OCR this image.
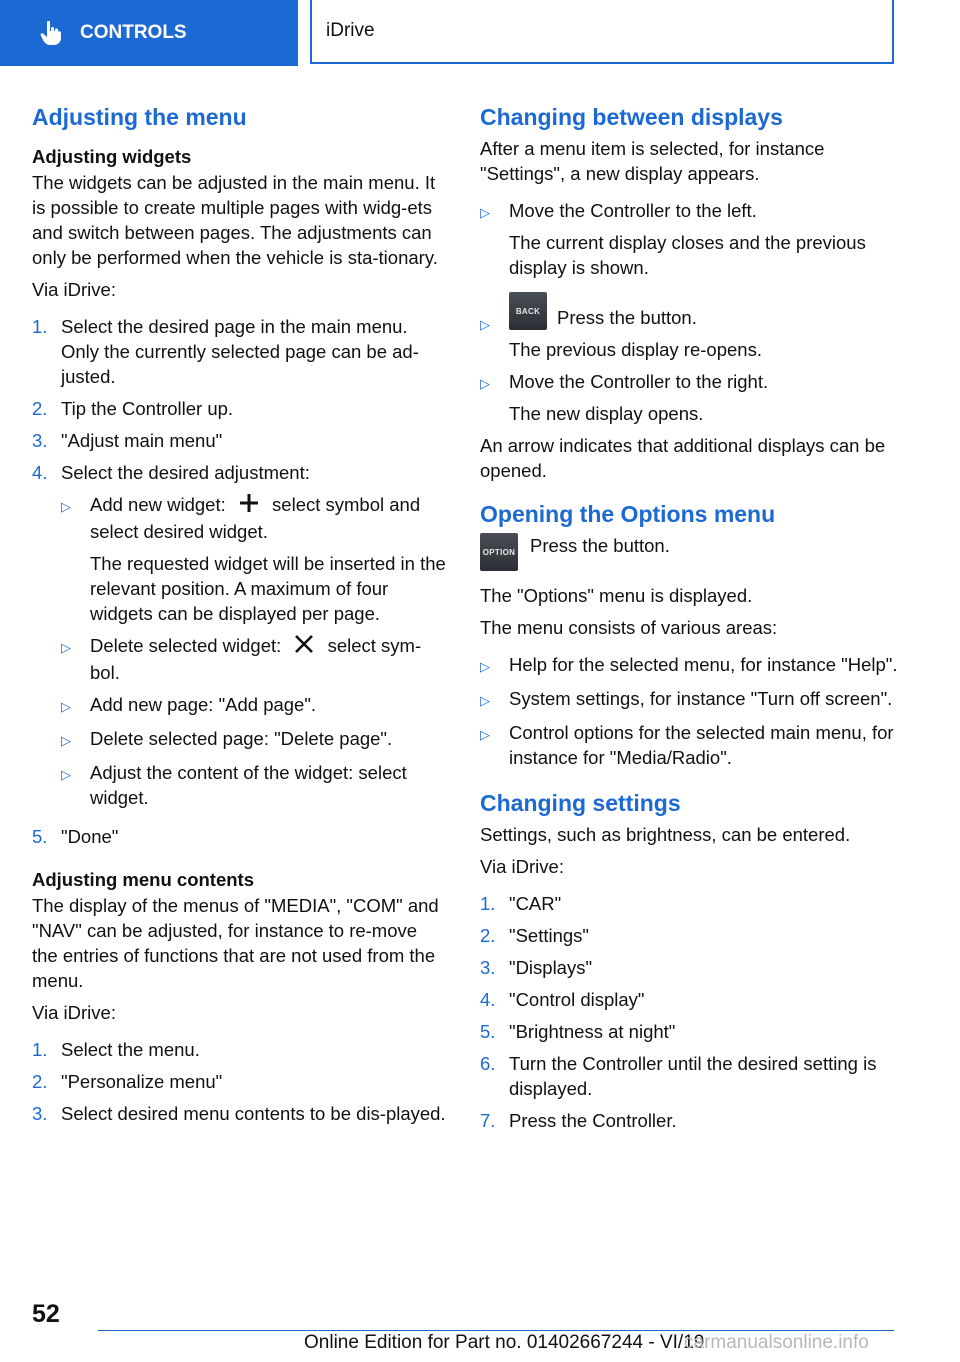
CONTROLS	iDrive
Adjusting the menu
Adjusting widgets

The widgets can be adjusted in the main menu. It is possible to create multiple pages with widg‐ets and switch between pages. The adjustments can only be performed when the vehicle is sta‐tionary.

Via iDrive:

1. Select the desired page in the main menu. Only the currently selected page can be ad‐justed.
2. Tip the Controller up.
3. "Adjust main menu"
4. Select the desired adjustment:
▷	Add new widget:	select symbol and select desired widget.

The requested widget will be inserted in the relevant position. A maximum of four widgets can be displayed per page.

▷	Delete selected widget:	select sym‐bol.
▷	Add new page: "Add page".
▷	Delete selected page: "Delete page".
▷	Adjust the content of the widget: select widget.
5. "Done"
Adjusting menu contents

The display of the menus of "MEDIA", "COM" and "NAV" can be adjusted, for instance to re‐move the entries of functions that are not used from the menu.

Via iDrive:

1. Select the menu.
2. "Personalize menu"
3. Select desired menu contents to be dis‐played.
Changing between displays

After a menu item is selected, for instance "Settings", a new display appears.

▷	Move the Controller to the left.

The current display closes and the previous display is shown.

▷
BACK Press the button.

The previous display re-opens.

▷	Move the Controller to the right.

The new display opens.

An arrow indicates that additional displays can be opened.

Opening the Options menu
OPTION Press the button.

The "Options" menu is displayed.

The menu consists of various areas:

▷	Help for the selected menu, for instance "Help".
▷	System settings, for instance "Turn off screen".
▷	Control options for the selected main menu, for instance for "Media/Radio".
Changing settings

Settings, such as brightness, can be entered.

Via iDrive:

1. "CAR"
2. "Settings"
3. "Displays"
4. "Control display"
5. "Brightness at night"
6. Turn the Controller until the desired setting is displayed.
7. Press the Controller.
52
Online Edition for Part no. 01402667244 - VI/19
carmanualsonline.info
